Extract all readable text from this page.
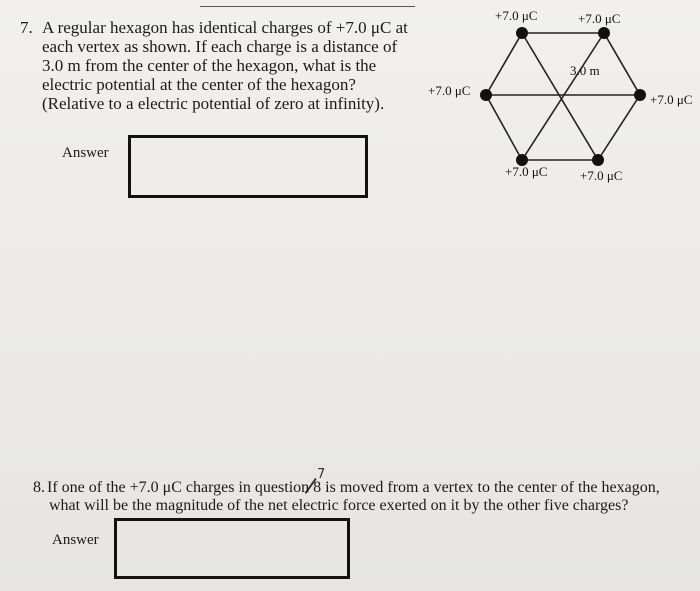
7. A regular hexagon has identical charges of +7.0 μC at
each vertex as shown. If each charge is a distance of
3.0 m from the center of the hexagon, what is the
electric potential at the center of the hexagon?
(Relative to a electric potential of zero at infinity).
Answer
+7.0 μC	+7.0 μC
+7.0 μC
+7.0 μC
+7.0 μC
+7.0 μC
3.0 m
7
8. If one of the +7.0 μC charges in question 8 is moved from a vertex to the center of the hexagon,
what will be the magnitude of the net electric force exerted on it by the other five charges?
Answer
